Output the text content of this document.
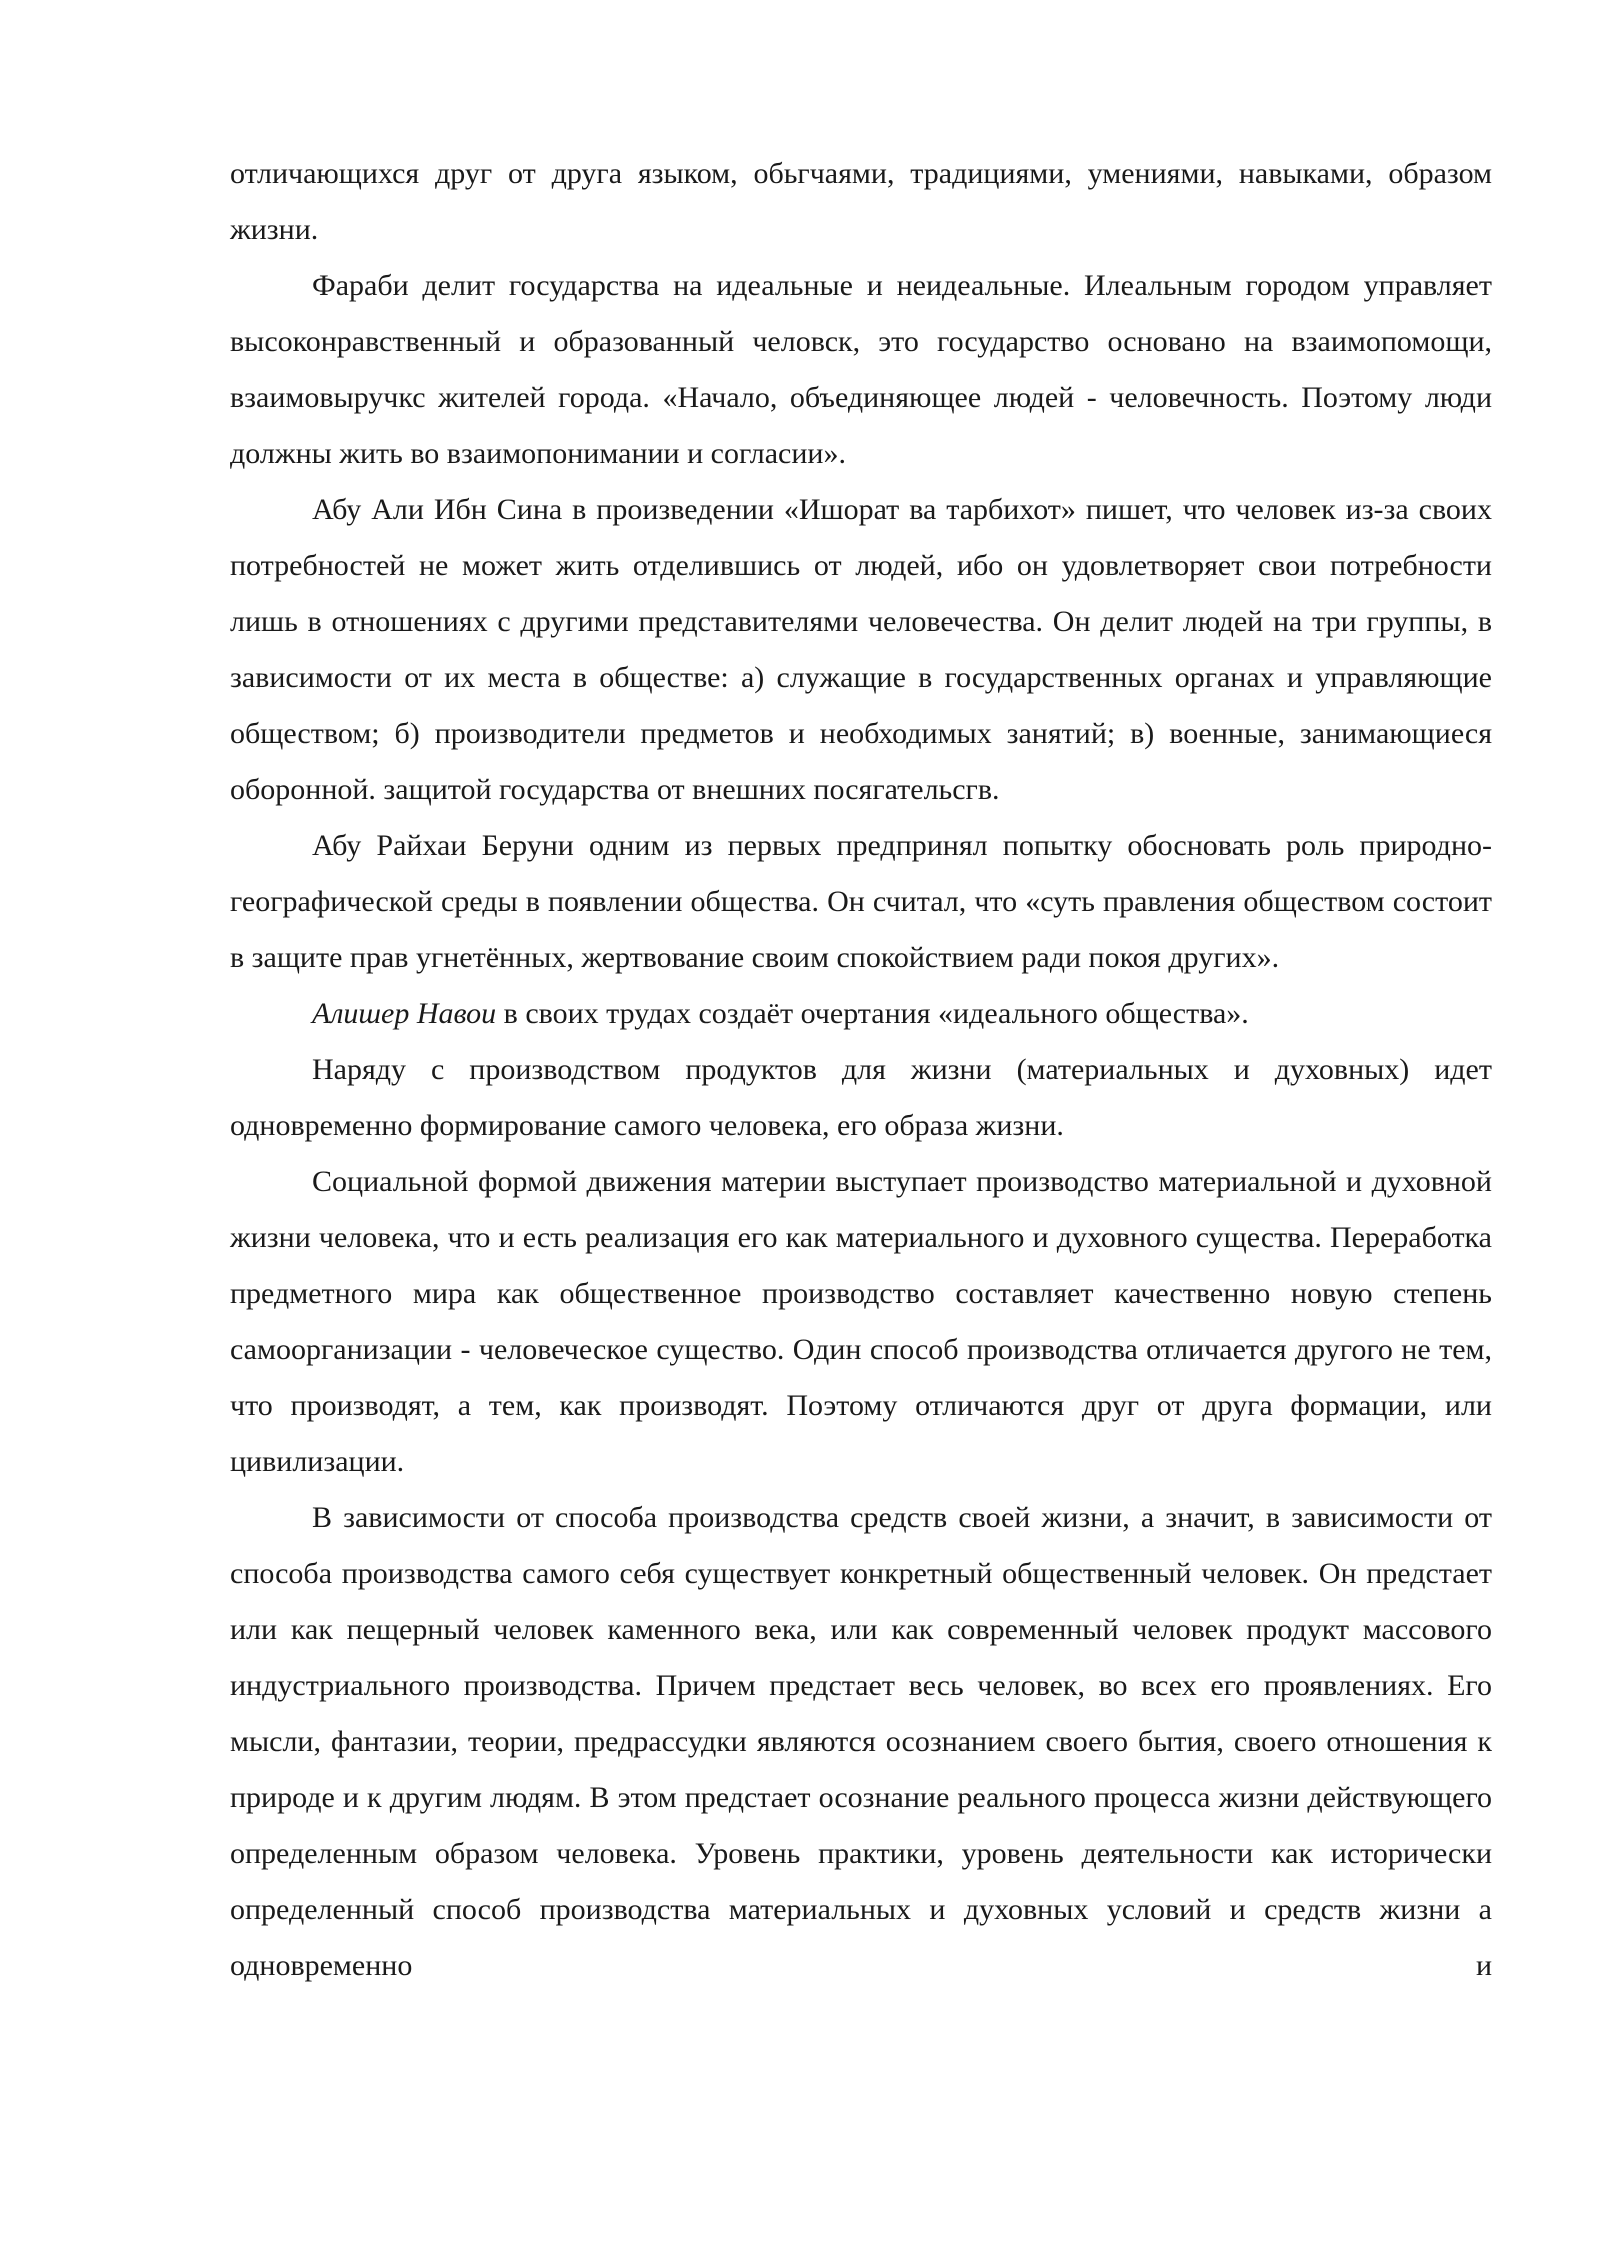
отличающихся друг от друга языком, обьгчаями, традициями, умениями, навыками, образом жизни.

Фараби делит государства на идеальные и неидеальные. Илеальным городом управляет высоконравственный и образованный человск, это государство основано на взаимопомощи, взаимовыручкс жителей города. «Начало, объединяющее людей - человечность. Поэтому люди должны жить во взаимопонимании и согласии».

Абу Али Ибн Сина в произведении «Ишорат ва тарбихот» пишет, что человек из-за своих потребностей не может жить отделившись от людей, ибо он удовлетворяет свои потребности лишь в отношениях с другими представителями человечества. Он делит людей на три группы, в зависимости от их места в обществе: а) служащие в государственных органах и управляющие обществом; б) производители предметов и необходимых занятий; в) военные, занимающиеся оборонной. защитой государства от внешних посягательсгв.

Абу Райхаи Беруни одним из первых предпринял попытку обосновать роль природно-географической среды в появлении общества. Он считал, что «суть правления обществом состоит в защите прав угнетённых, жертвование своим спокойствием ради покоя других».

Алишер Навои в своих трудах создаёт очертания «идеального общества».

Наряду с производством продуктов для жизни (материальных и духовных) идет одновременно формирование самого человека, его образа жизни.

Социальной формой движения материи выступает производство материальной и духовной жизни человека, что и есть реализация его как материального и духовного существа. Переработка предметного мира как общественное производство составляет качественно новую степень самоорганизации - человеческое существо. Один способ производства отличается другого не тем, что производят, а тем, как производят. Поэтому отличаются друг от друга формации, или цивилизации.

В зависимости от способа производства средств своей жизни, а значит, в зависимости от способа производства самого себя существует конкретный общественный человек. Он предстает или как пещерный человек каменного века, или как современный человек продукт массового индустриального производства. Причем предстает весь человек, во всех его проявлениях. Его мысли, фантазии, теории, предрассудки являются осознанием своего бытия, своего отношения к природе и к другим людям. В этом предстает осознание реального процесса жизни действующего определенным образом человека. Уровень практики, уровень деятельности как исторически определенный способ производства материальных и духовных условий и средств жизни а одновременно и
